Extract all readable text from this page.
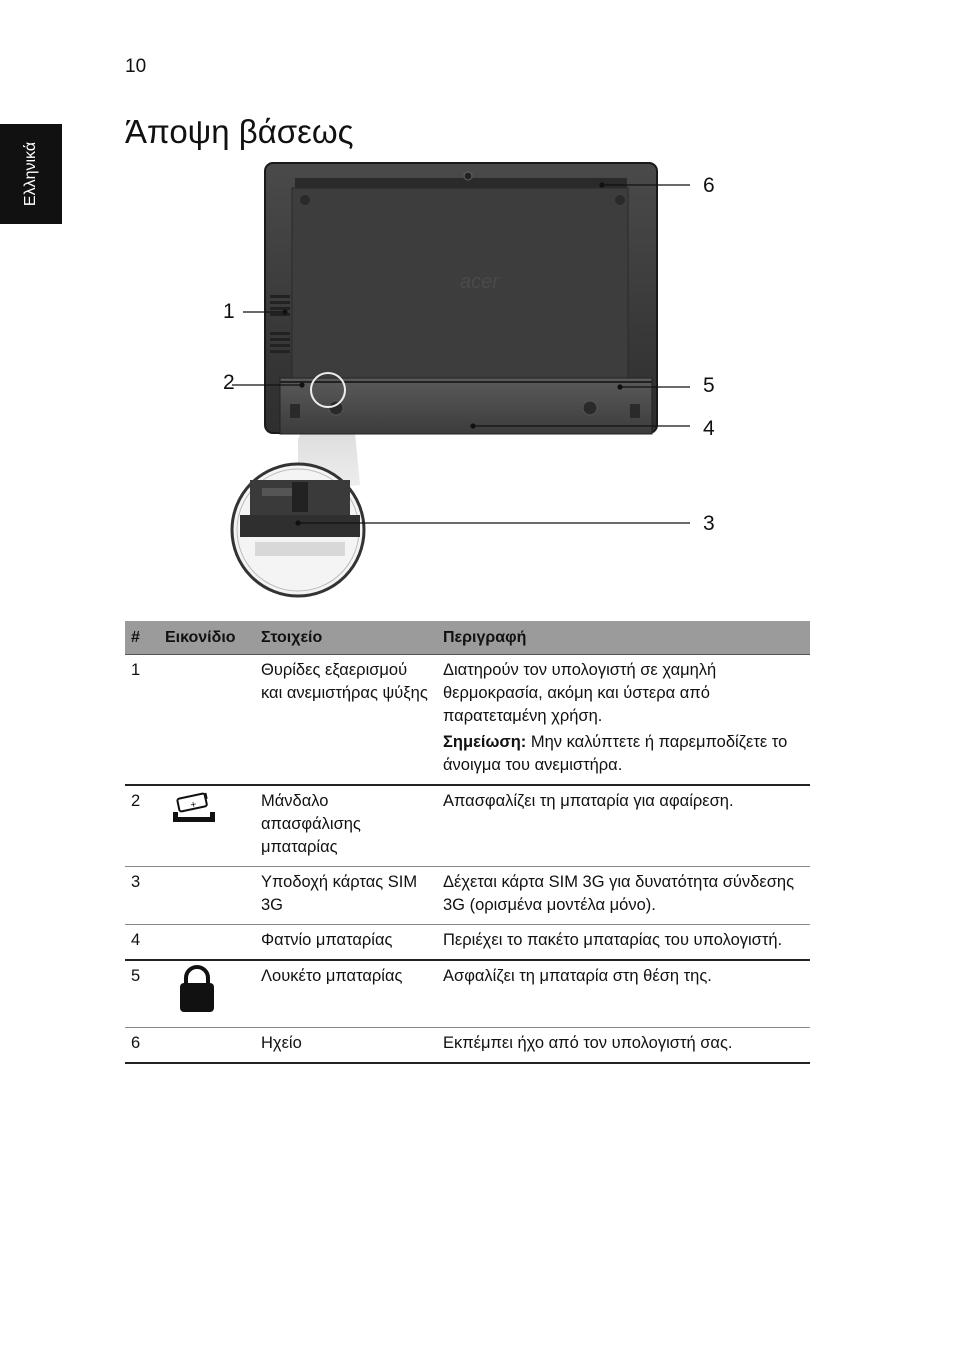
10
Ελληνικά
Άποψη βάσεως
acer
6
1
2	5
4
3
#	Εικονίδιο	Στοιχείο	Περιγραφή
1		Θυρίδες εξαερισμού και ανεμιστήρας ψύξης	Διατηρούν τον υπολογιστή σε χαμηλή θερμοκρασία, ακόμη και ύστερα από παρατεταμένη χρήση.
Σημείωση: Μην καλύπτετε ή παρεμποδίζετε το άνοιγμα του ανεμιστήρα.

2	+	Μάνδαλο απασφάλισης μπαταρίας	Απασφαλίζει τη μπαταρία για αφαίρεση.
3		Υποδοχή κάρτας SIM 3G	Δέχεται κάρτα SIM 3G για δυνατότητα σύνδεσης 3G (ορισμένα μοντέλα μόνο).
4		Φατνίο μπαταρίας	Περιέχει το πακέτο μπαταρίας του υπολογιστή.
5		Λουκέτο μπαταρίας	Ασφαλίζει τη μπαταρία στη θέση της.
6		Ηχείο	Εκπέμπει ήχο από τον υπολογιστή σας.
